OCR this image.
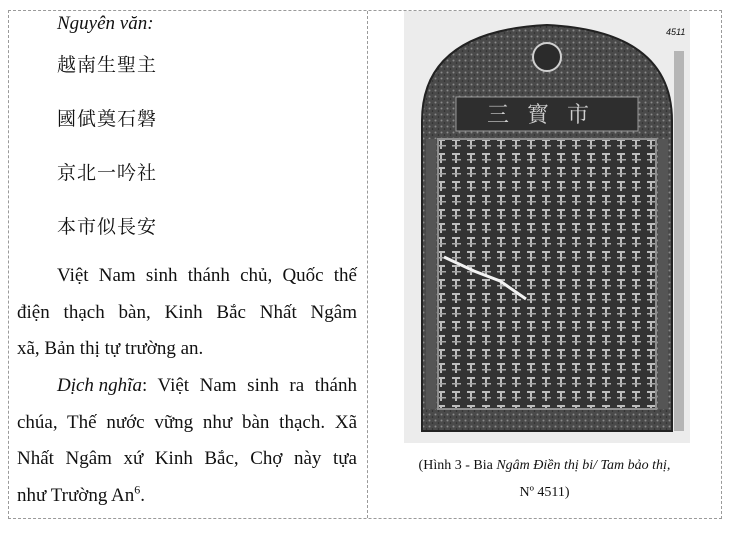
Nguyên văn:
越南生聖主
國倵奠石磐
京北一吟社
本市似長安
Việt Nam sinh thánh chủ, Quốc thế
điện thạch bàn, Kinh Bắc Nhất Ngâm
xã, Bản thị tự trường an.
Dịch nghĩa : Việt Nam sinh ra thánh
chúa, Thế nước vững như bàn thạch. Xã
Nhất Ngâm xứ Kinh Bắc, Chợ này tựa
như Trường An$^6$.
三寳市
4511
(Hình 3 - Bia Ngâm Điền thị bi/ Tam bảo thị,
Nº 4511)
